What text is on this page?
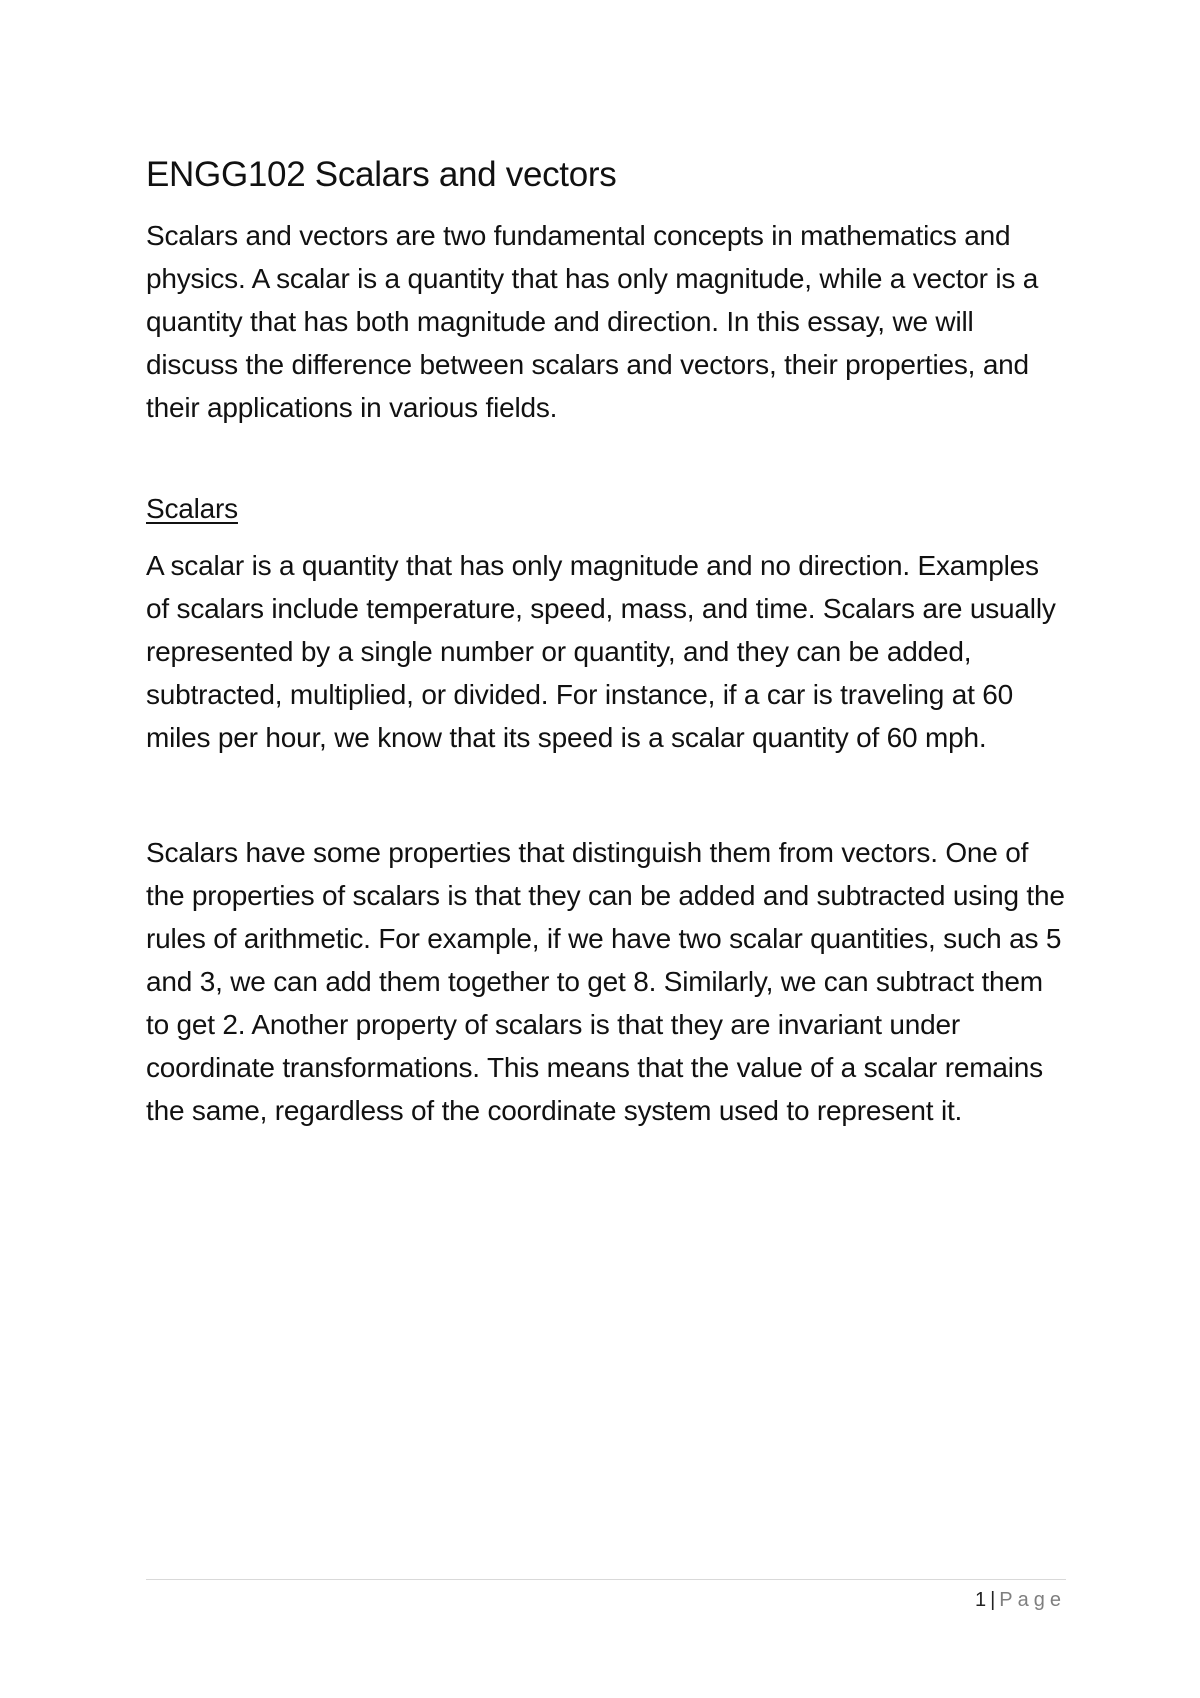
ENGG102 Scalars and vectors

Scalars and vectors are two fundamental concepts in mathematics and physics. A scalar is a quantity that has only magnitude, while a vector is a quantity that has both magnitude and direction. In this essay, we will discuss the difference between scalars and vectors, their properties, and their applications in various fields.

Scalars

A scalar is a quantity that has only magnitude and no direction. Examples of scalars include temperature, speed, mass, and time. Scalars are usually represented by a single number or quantity, and they can be added, subtracted, multiplied, or divided. For instance, if a car is traveling at 60 miles per hour, we know that its speed is a scalar quantity of 60 mph.

Scalars have some properties that distinguish them from vectors. One of the properties of scalars is that they can be added and subtracted using the rules of arithmetic. For example, if we have two scalar quantities, such as 5 and 3, we can add them together to get 8. Similarly, we can subtract them to get 2. Another property of scalars is that they are invariant under coordinate transformations. This means that the value of a scalar remains the same, regardless of the coordinate system used to represent it.

1 | Page
